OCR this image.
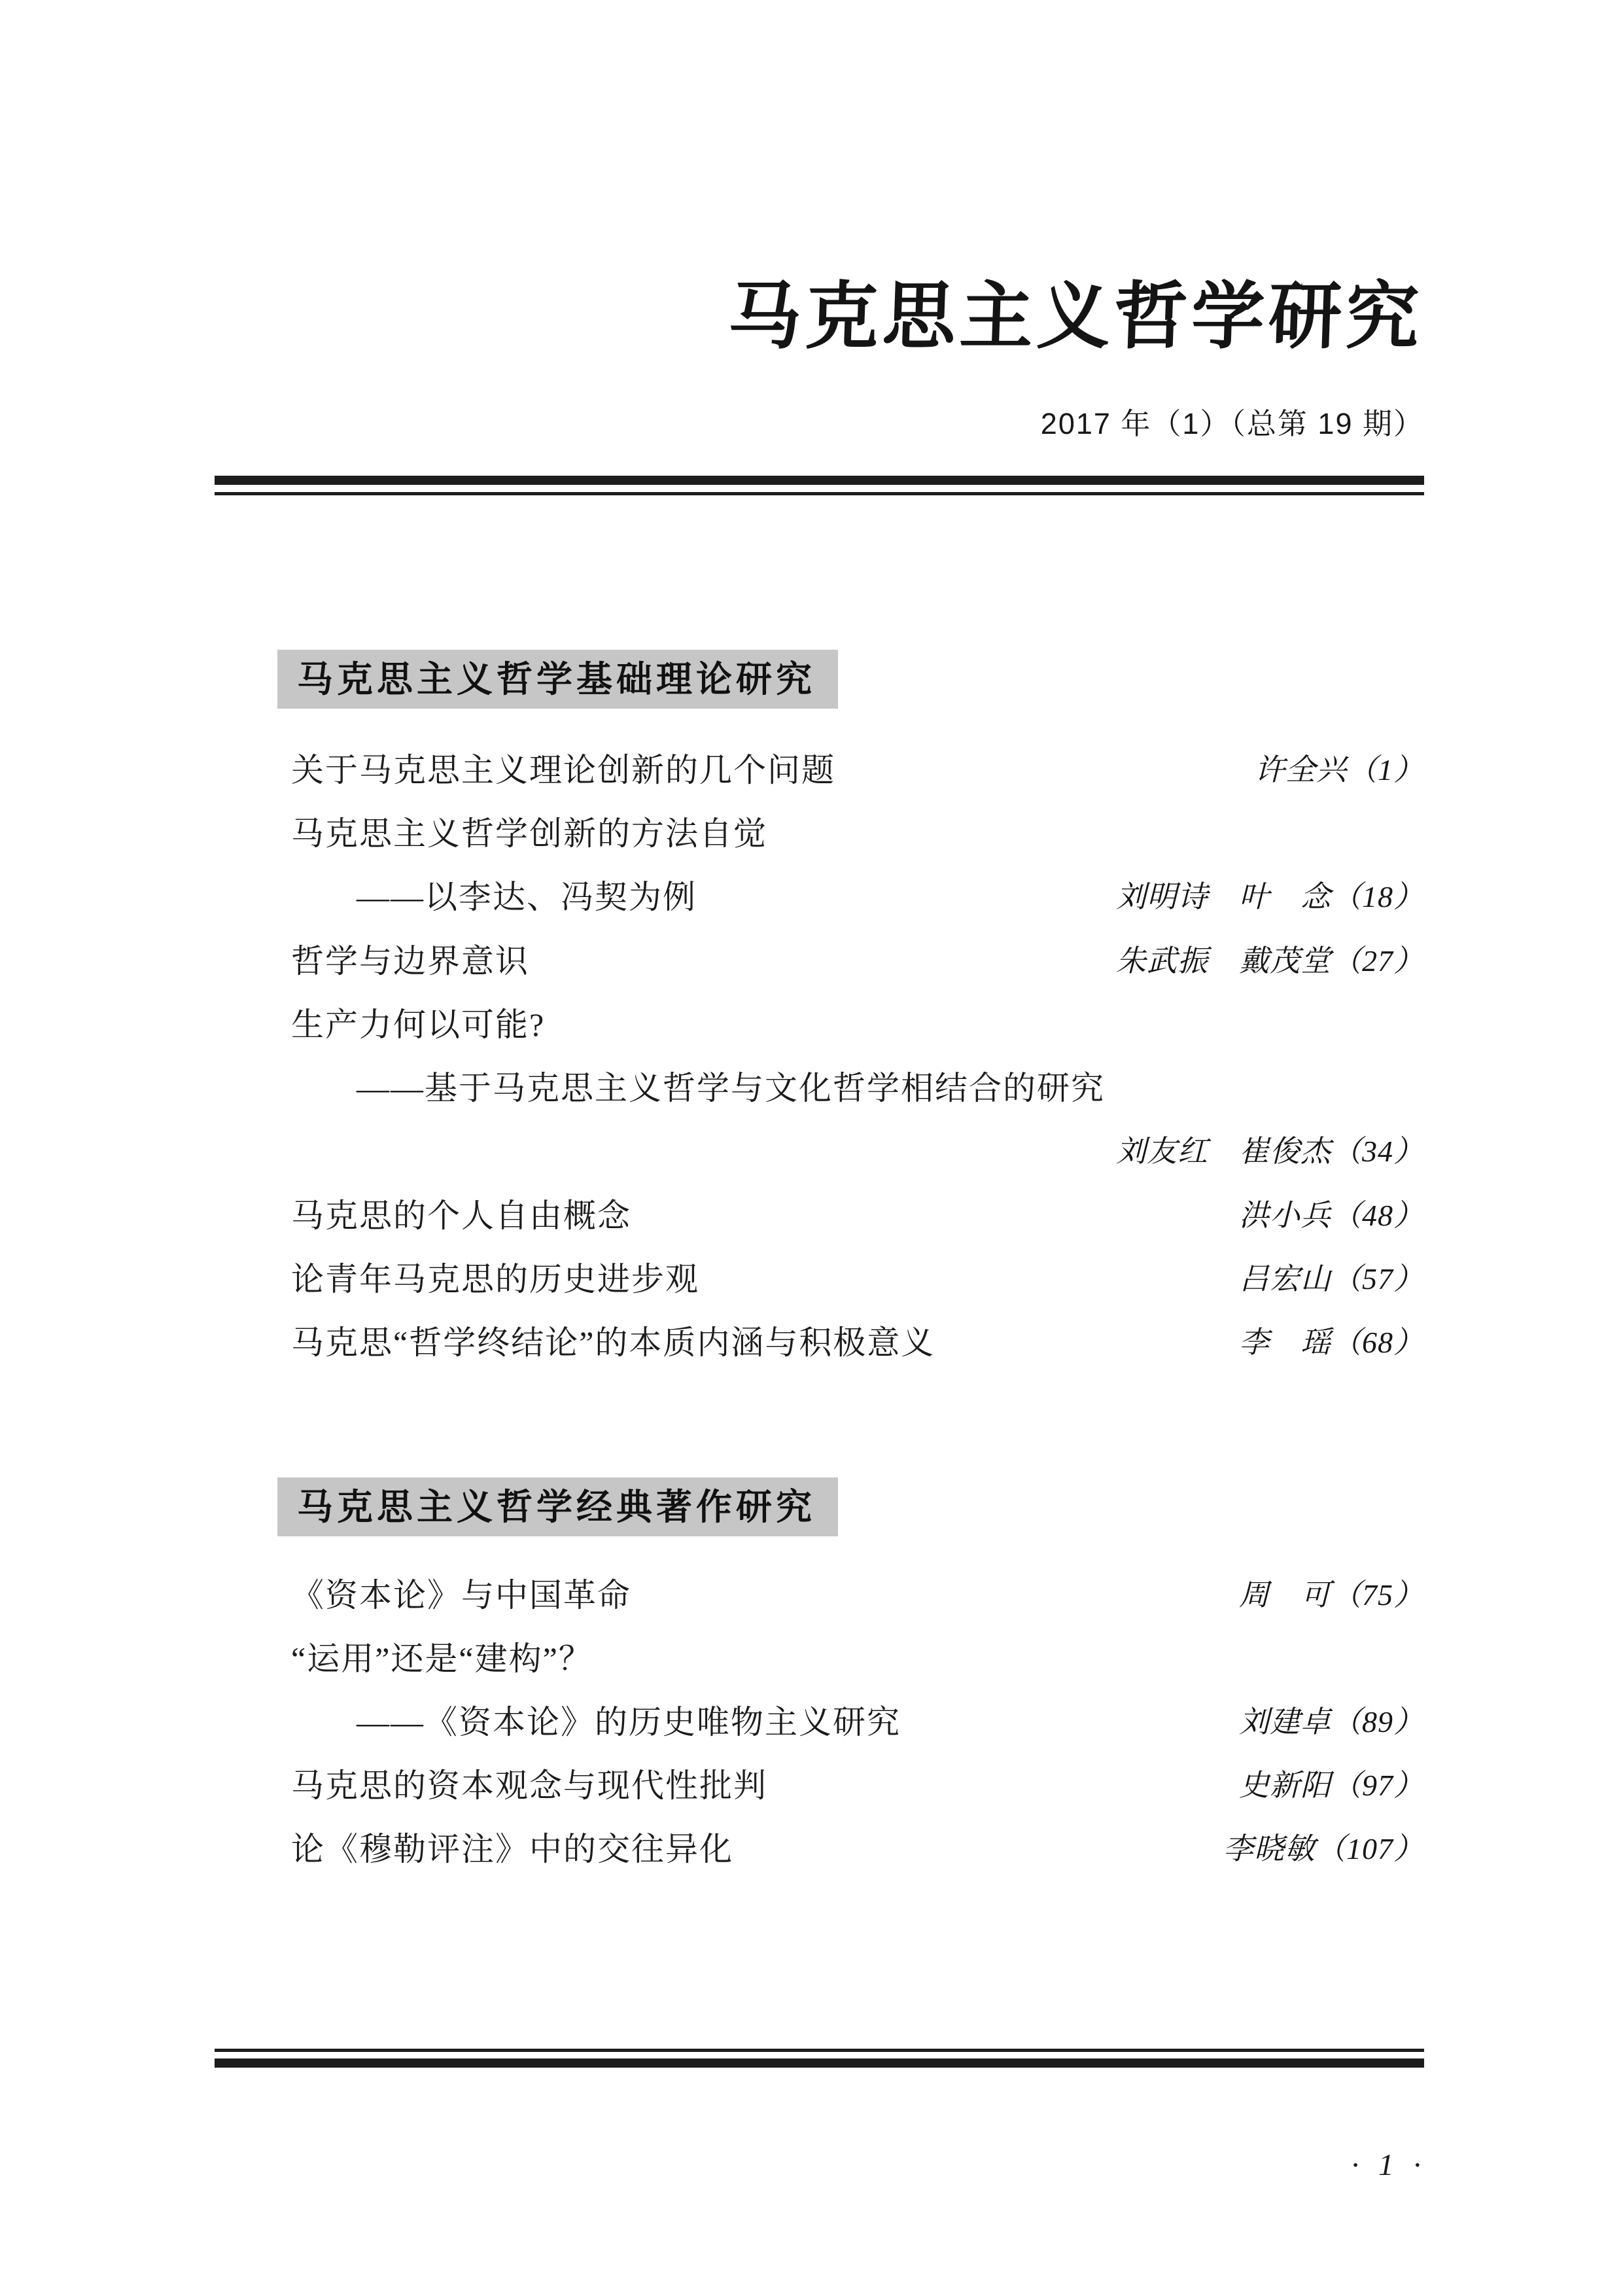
马克思主义哲学研究
2017 年（1）（总第 19 期）
马克思主义哲学基础理论研究
关于马克思主义理论创新的几个问题	许全兴（1）
马克思主义哲学创新的方法自觉
——以李达、冯契为例	刘明诗　叶　念（18）
哲学与边界意识	朱武振　戴茂堂（27）
生产力何以可能?
——基于马克思主义哲学与文化哲学相结合的研究
刘友红　崔俊杰（34）
马克思的个人自由概念	洪小兵（48）
论青年马克思的历史进步观	吕宏山（57）
马克思“哲学终结论”的本质内涵与积极意义	李　瑶（68）
马克思主义哲学经典著作研究
《资本论》与中国革命	周　可（75）
“运用”还是“建构”？
——《资本论》的历史唯物主义研究	刘建卓（89）
马克思的资本观念与现代性批判	史新阳（97）
论《穆勒评注》中的交往异化	李晓敏（107）
· 1 ·
